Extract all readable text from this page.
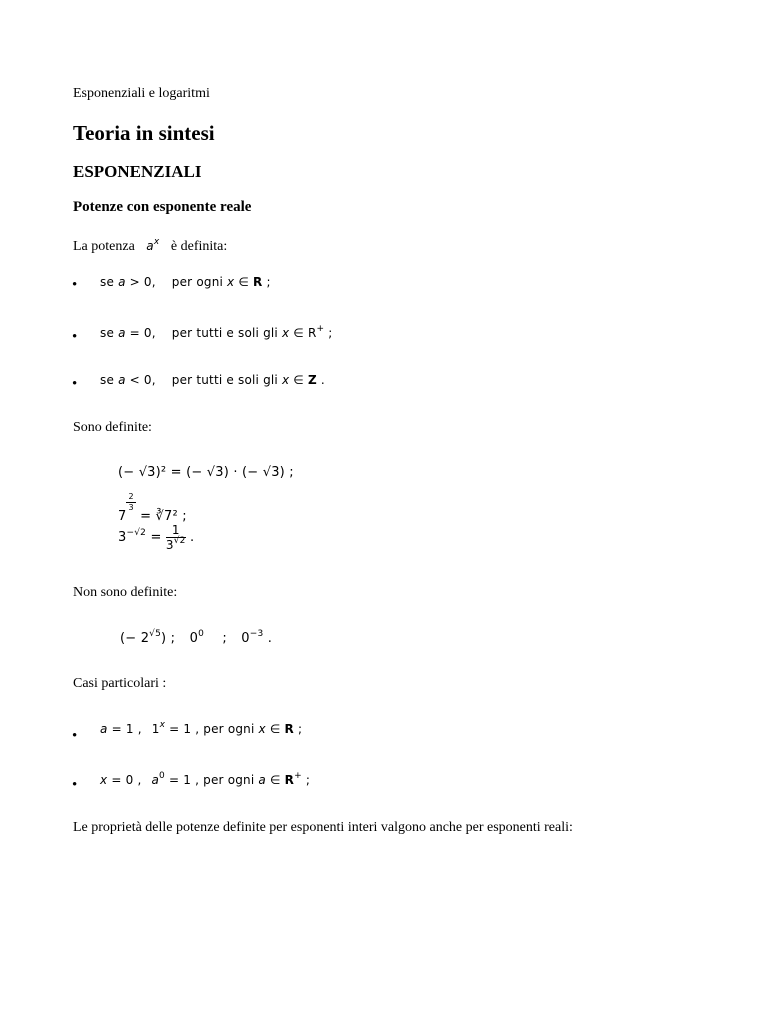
Esponenziali e logaritmi
Teoria in sintesi
ESPONENZIALI
Potenze con esponente reale
La potenza $a^x$ è definita:
• se a > 0, per ogni x ∈ R ;
• se a = 0, per tutti e soli gli x ∈ R+ ;
• se a < 0, per tutti e soli gli x ∈ Z .
Sono definite:
(− √3)² = (− √3) · (− √3) ;
7
$\frac{2}{3}$
= ∛7² ;
$3^{-√2} = \frac{1}{3^{√2}}$ .
Non sono definite:
(− $2^{√5}$) ; $0^0$ ; $0^{-3}$ .
Casi particolari :
• a = 1 , $1^x = 1$ , per ogni x ∈ R ;
• x = 0 , $a^0 = 1$ , per ogni a ∈ R+ ;
Le proprietà delle potenze definite per esponenti interi valgono anche per esponenti reali:
